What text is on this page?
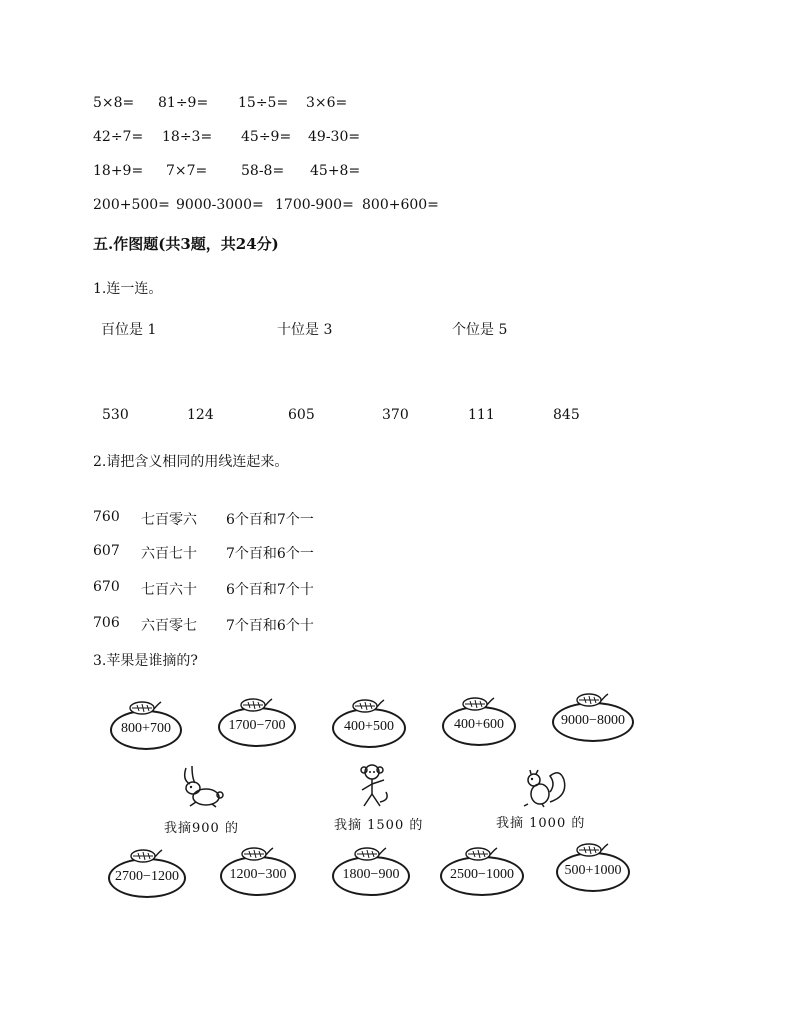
5×8= 81÷9= 15÷5= 3×6=
42÷7= 18÷3= 45÷9= 49-30=
18+9= 7×7= 58-8= 45+8=
200+500= 9000-3000= 1700-900= 800+600=
五.作图题(共3题，共24分)
1.连一连。
百位是 1	十位是 3	个位是 5
530	124	605	370	111	845
2.请把含义相同的用线连起来。
760 七百零六 6个百和7个一
607 六百七十 7个百和6个一
670 七百六十 6个百和7个十
706 六百零七 7个百和6个十
3.苹果是谁摘的?
800+700	1700−700	400+500	400+600	9000−8000
我摘900 的	我摘 1500 的	我摘 1000 的
2700−1200	1200−300	1800−900	2500−1000	500+1000
